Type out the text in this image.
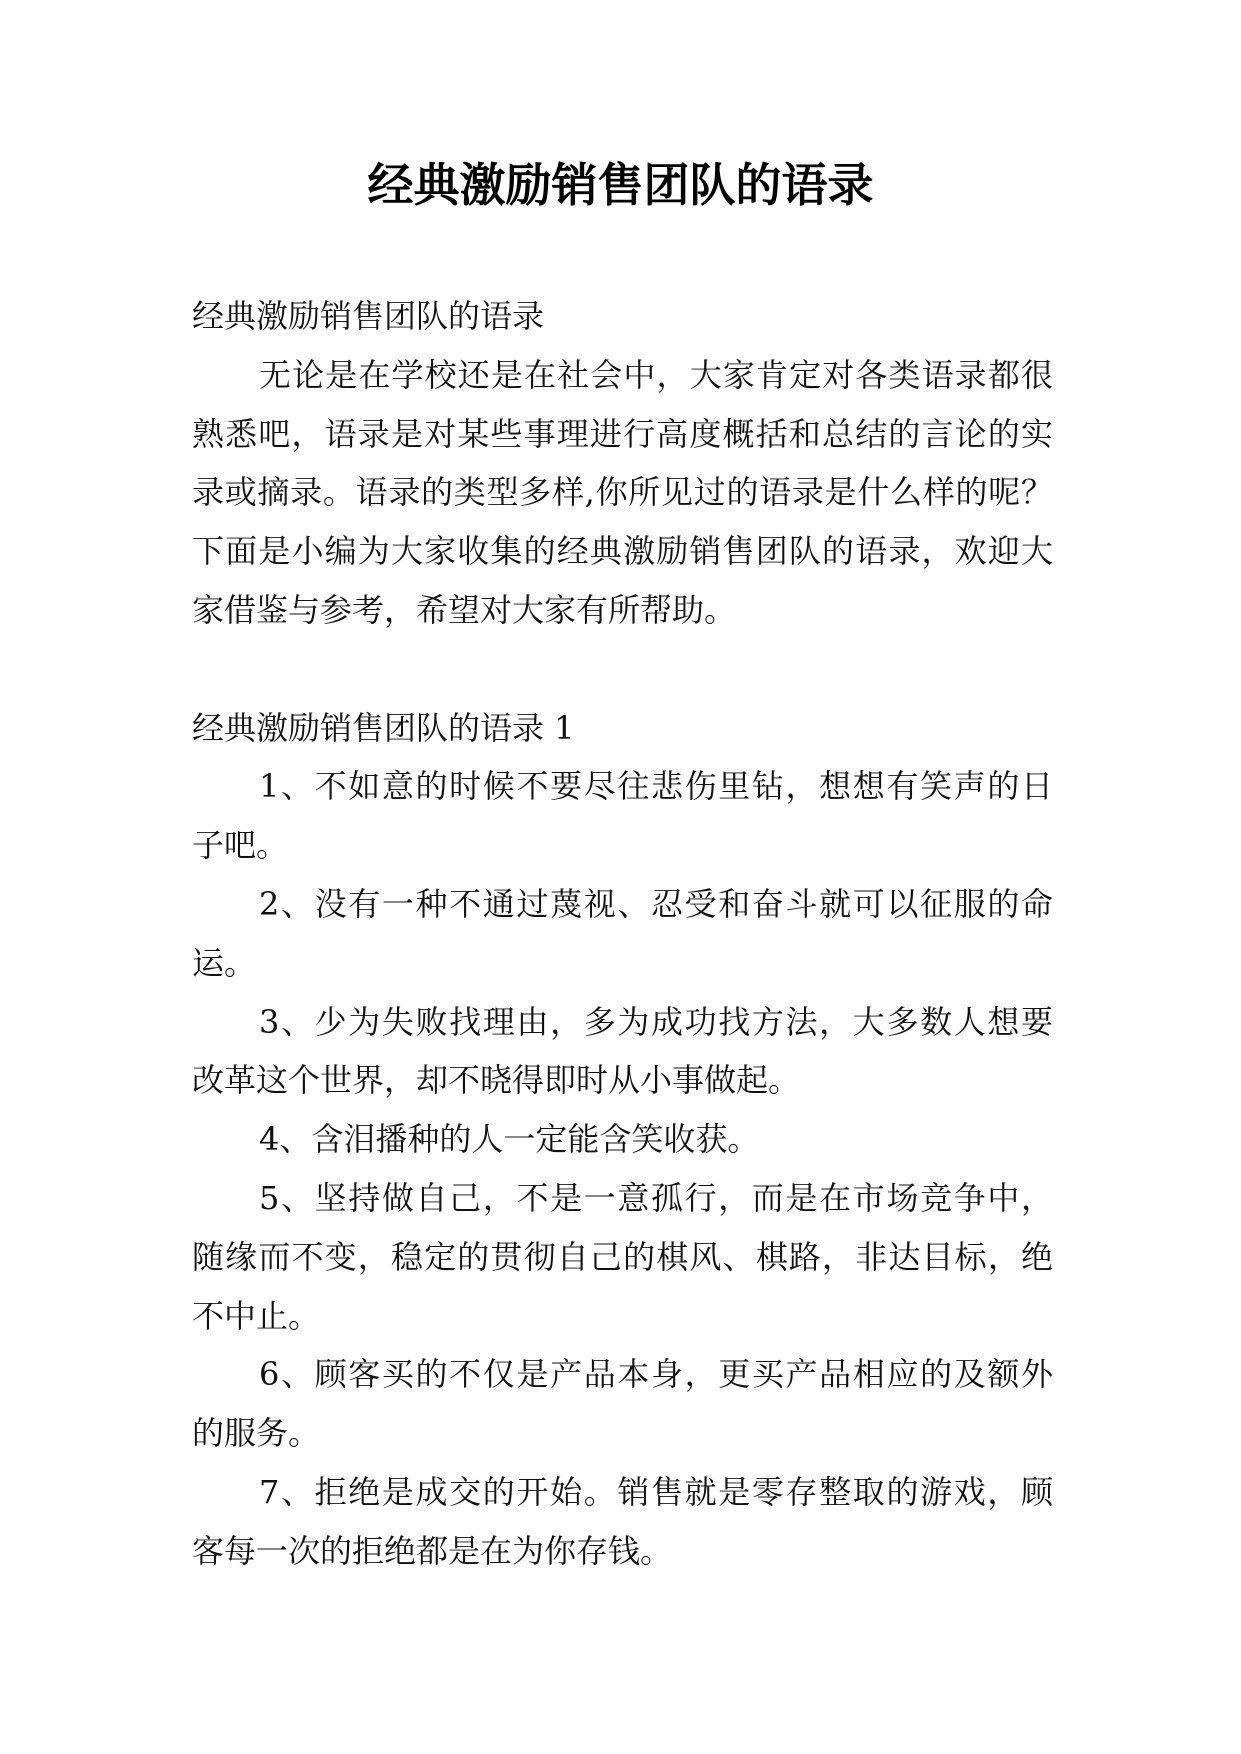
经典激励销售团队的语录
经典激励销售团队的语录
无论是在学校还是在社会中，大家肯定对各类语录都很
熟悉吧，语录是对某些事理进行高度概括和总结的言论的实
录或摘录。语录的类型多样,你所见过的语录是什么样的呢？
下面是小编为大家收集的经典激励销售团队的语录，欢迎大
家借鉴与参考，希望对大家有所帮助。
经典激励销售团队的语录 1
1、不如意的时候不要尽往悲伤里钻，想想有笑声的日
子吧。
2、没有一种不通过蔑视、忍受和奋斗就可以征服的命
运。
3、少为失败找理由，多为成功找方法，大多数人想要
改革这个世界，却不晓得即时从小事做起。
4、含泪播种的人一定能含笑收获。
5、坚持做自己，不是一意孤行，而是在市场竞争中，
随缘而不变，稳定的贯彻自己的棋风、棋路，非达目标，绝
不中止。
6、顾客买的不仅是产品本身，更买产品相应的及额外
的服务。
7、拒绝是成交的开始。销售就是零存整取的游戏，顾
客每一次的拒绝都是在为你存钱。
